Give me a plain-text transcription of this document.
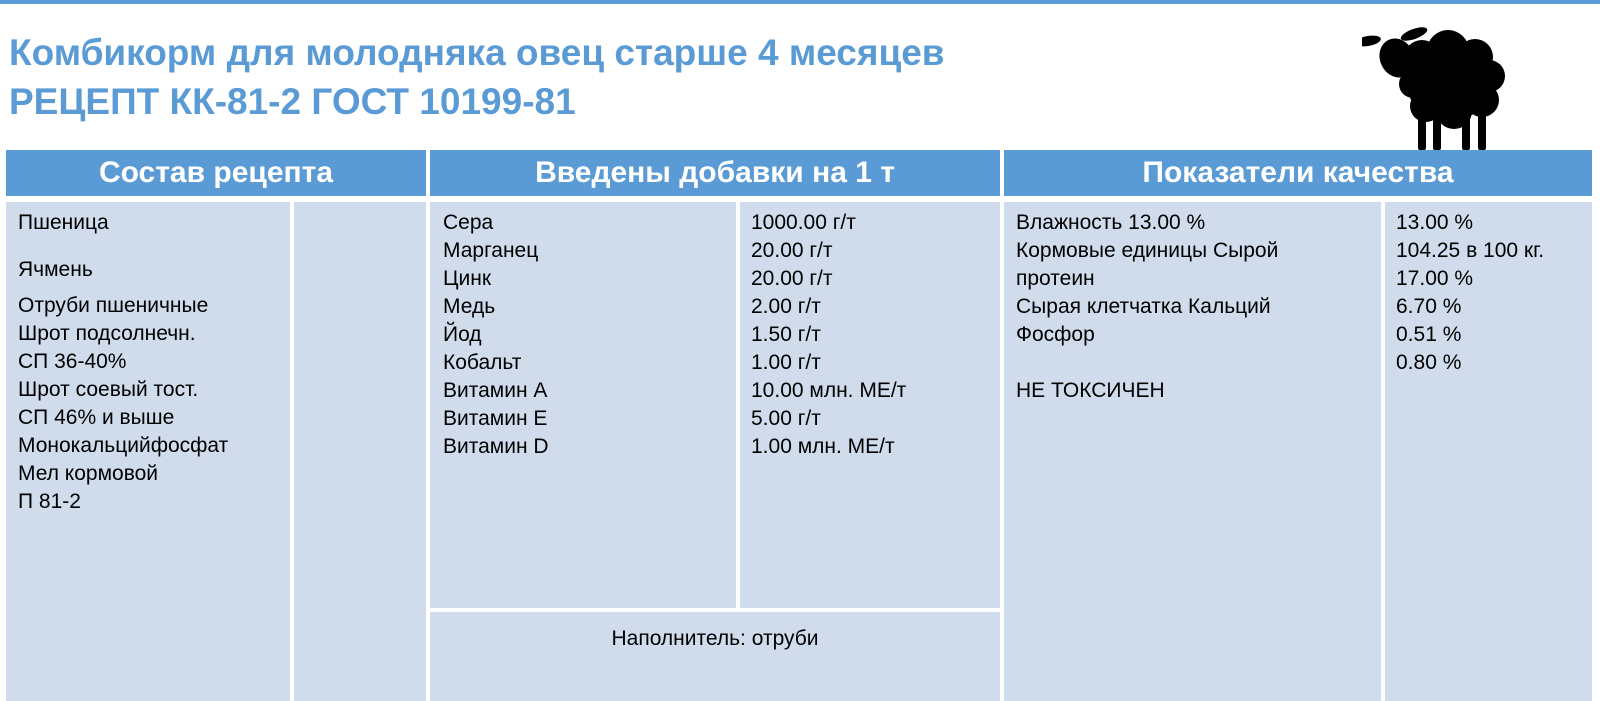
Комбикорм для молодняка овец старше 4 месяцев
РЕЦЕПТ КК-81-2 ГОСТ 10199-81
Состав рецепта	Введены добавки на 1 т	Показатели качества
Пшеница
Ячмень
Отруби пшеничные
Шрот подсолнечн.
СП 36-40%
Шрот соевый тост.
СП 46% и выше
Монокальцийфосфат
Мел кормовой
П 81-2
Сера
Марганец
Цинк
Медь
Йод
Кобальт
Витамин А
Витамин Е
Витамин D
1000.00 г/т
20.00 г/т
20.00 г/т
2.00 г/т
1.50 г/т
1.00 г/т
10.00 млн. МЕ/т
5.00 г/т
1.00 млн. МЕ/т
Наполнитель: отруби
Влажность 13.00 %
Кормовые единицы Сырой
протеин
Сырая клетчатка Кальций
Фосфор
НЕ ТОКСИЧЕН
13.00 %
104.25 в 100 кг.
17.00 %
6.70 %
0.51 %
0.80 %
